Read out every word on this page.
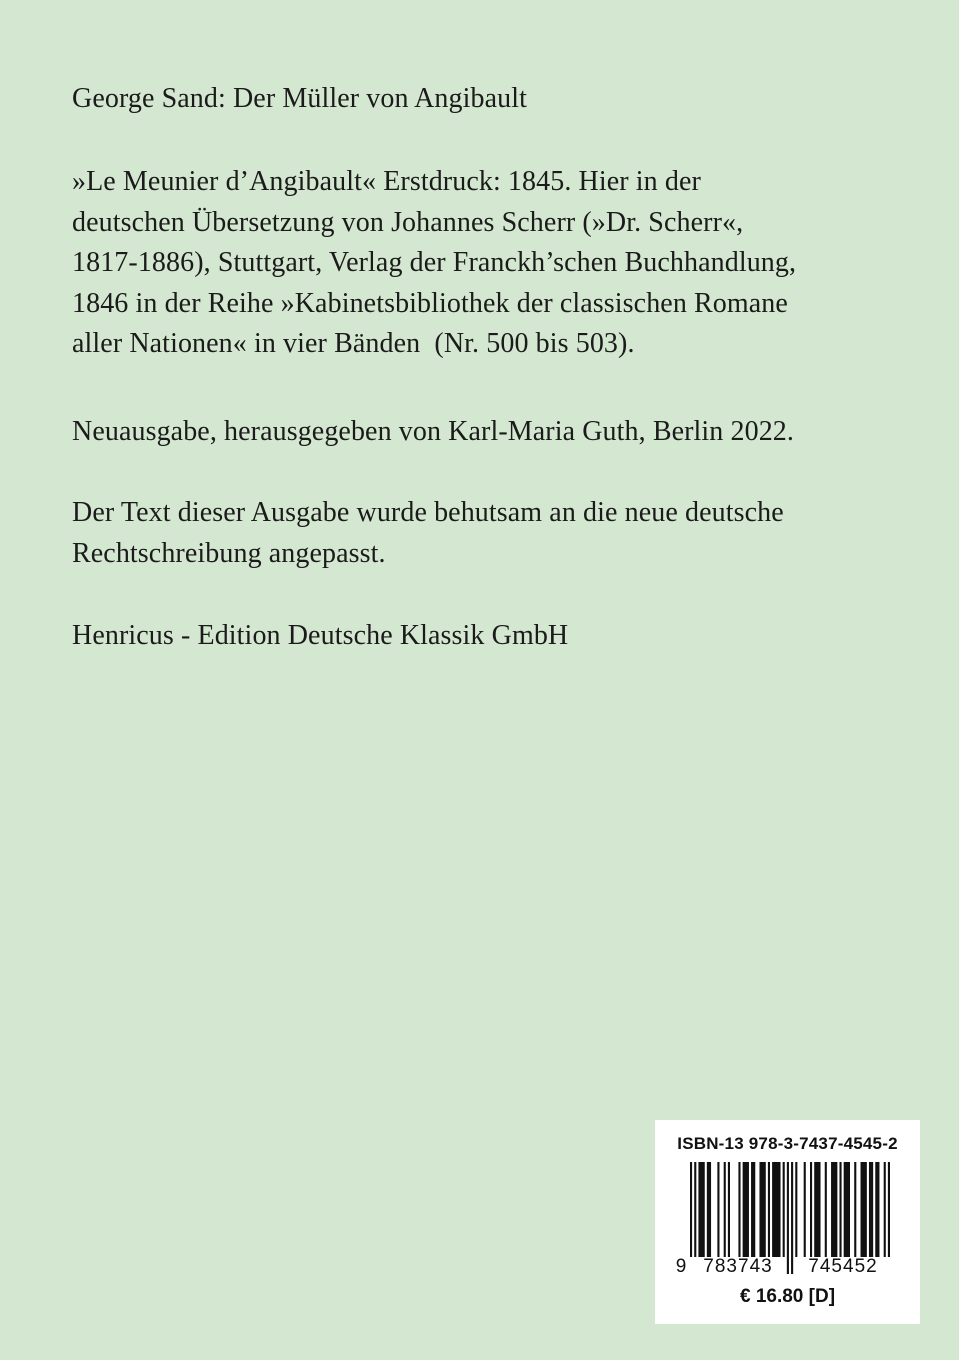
George Sand: Der Müller von Angibault

»Le Meunier d’Angibault« Erstdruck: 1845. Hier in der
deutschen Übersetzung von Johannes Scherr (»Dr. Scherr«,
1817-1886), Stuttgart, Verlag der Franckh’schen Buchhandlung,
1846 in der Reihe »Kabinetsbibliothek der classischen Romane
aller Nationen« in vier Bänden  (Nr. 500 bis 503).

Neuausgabe, herausgegeben von Karl-Maria Guth, Berlin 2022.

Der Text dieser Ausgabe wurde behutsam an die neue deutsche
Rechtschreibung angepasst.

Henricus - Edition Deutsche Klassik GmbH

ISBN-13 978-3-7437-4545-2
9 783743 745452
€ 16.80 [D]
